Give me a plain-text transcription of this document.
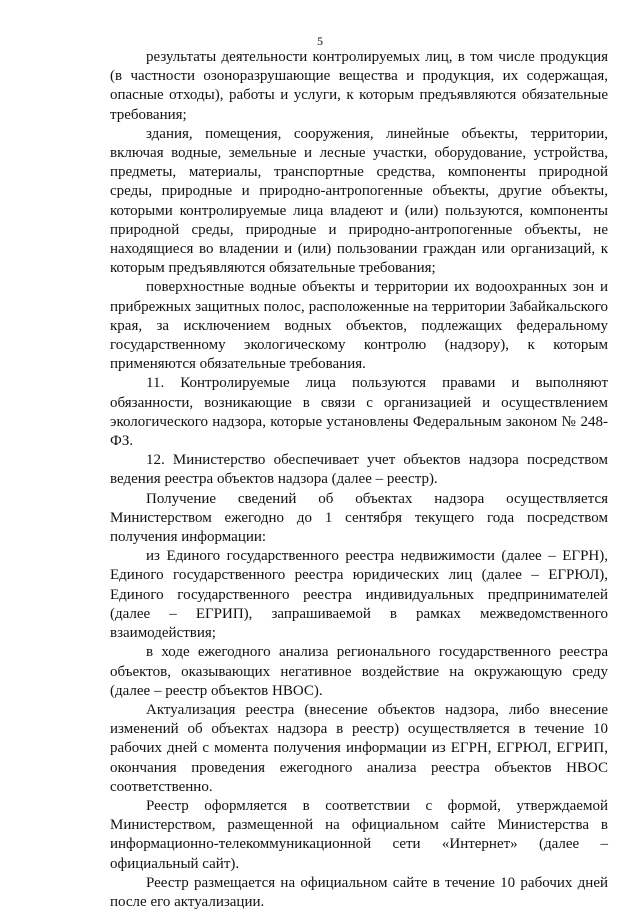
5

результаты деятельности контролируемых лиц, в том числе продукция (в частности озоноразрушающие вещества и продукция, их содержащая, опасные отходы), работы и услуги, к которым предъявляются обязательные требования;

здания, помещения, сооружения, линейные объекты, территории, включая водные, земельные и лесные участки, оборудование, устройства, предметы, материалы, транспортные средства, компоненты природной среды, природные и природно-антропогенные объекты, другие объекты, которыми контролируемые лица владеют и (или) пользуются, компоненты природной среды, природные и природно-антропогенные объекты, не находящиеся во владении и (или) пользовании граждан или организаций, к которым предъявляются обязательные требования;

поверхностные водные объекты и территории их водоохранных зон и прибрежных защитных полос, расположенные на территории Забайкальского края, за исключением водных объектов, подлежащих федеральному государственному экологическому контролю (надзору), к которым применяются обязательные требования.

11. Контролируемые лица пользуются правами и выполняют обязанности, возникающие в связи с организацией и осуществлением экологического надзора, которые установлены Федеральным законом № 248-ФЗ.

12. Министерство обеспечивает учет объектов надзора посредством ведения реестра объектов надзора (далее – реестр).

Получение сведений об объектах надзора осуществляется Министерством ежегодно до 1 сентября текущего года посредством получения информации:

из Единого государственного реестра недвижимости (далее – ЕГРН), Единого государственного реестра юридических лиц (далее – ЕГРЮЛ), Единого государственного реестра индивидуальных предпринимателей (далее – ЕГРИП), запрашиваемой в рамках межведомственного взаимодействия;

в ходе ежегодного анализа регионального государственного реестра объектов, оказывающих негативное воздействие на окружающую среду (далее – реестр объектов НВОС).

Актуализация реестра (внесение объектов надзора, либо внесение изменений об объектах надзора в реестр) осуществляется в течение 10 рабочих дней с момента получения информации из ЕГРН, ЕГРЮЛ, ЕГРИП, окончания проведения ежегодного анализа реестра объектов НВОС соответственно.

Реестр оформляется в соответствии с формой, утверждаемой Министерством, размещенной на официальном сайте Министерства в информационно-телекоммуникационной сети «Интернет» (далее – официальный сайт).

Реестр размещается на официальном сайте в течение 10 рабочих дней после его актуализации.
